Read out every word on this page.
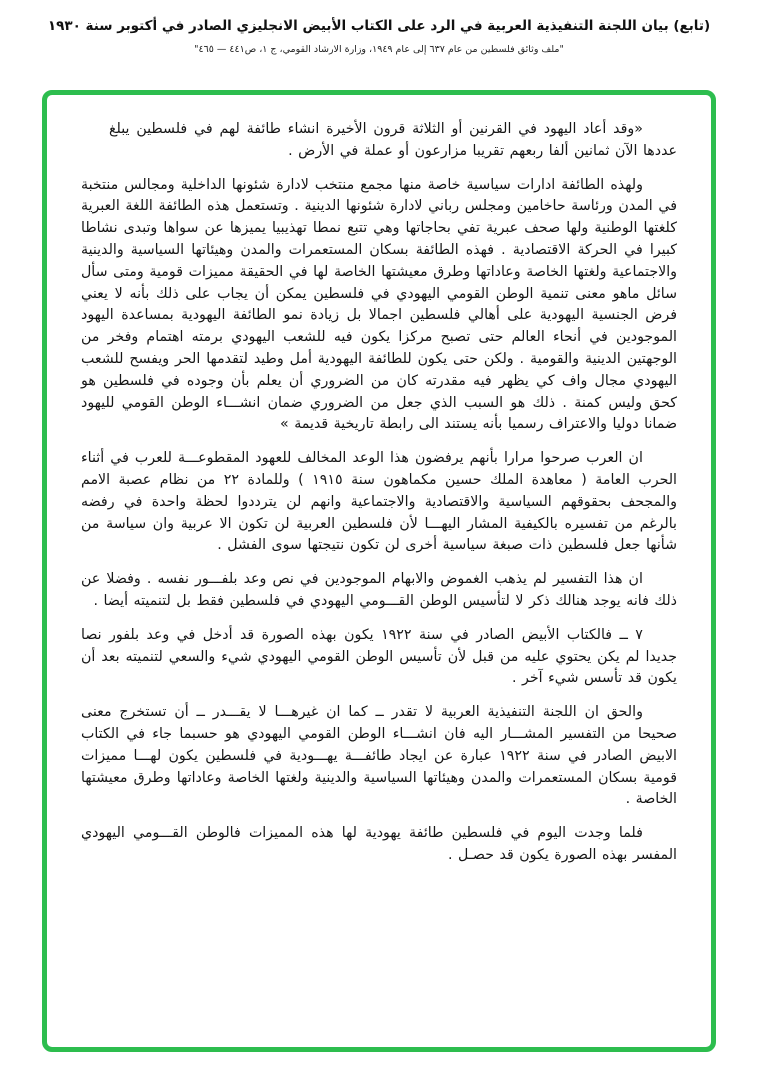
(تابع) بيان اللجنة التنفيذية العربية في الرد على الكتاب الأبيض الانجليزي الصادر في أكتوبر سنة ١٩٣٠
"ملف وثائق فلسطين من عام ٦٣٧ إلى عام ١٩٤٩، وزارة الارشاد القومي، ج ١، ص٤٤١ — ٤٦٥"

«وقد أعاد اليهود في القرنين أو الثلاثة قرون الأخيرة انشاء طائفة لهم في فلسطين يبلغ عددها الآن ثمانين ألفا ربعهم تقريبا مزارعون أو عملة في الأرض .

ولهذه الطائفة ادارات سياسية خاصة منها مجمع منتخب لادارة شئونها الداخلية ومجالس منتخبة في المدن ورئاسة حاخامين ومجلس رباني لادارة شئونها الدينية . وتستعمل هذه الطائفة اللغة العبرية كلغتها الوطنية ولها صحف عبرية تفي بحاجاتها وهي تتبع نمطا تهذيبيا يميزها عن سواها وتبدى نشاطا كبيرا في الحركة الاقتصادية . فهذه الطائفة بسكان المستعمرات والمدن وهيئاتها السياسية والدينية والاجتماعية ولغتها الخاصة وعاداتها وطرق معيشتها الخاصة لها في الحقيقة مميزات قومية ومتى سأل سائل ماهو معنى تنمية الوطن القومي اليهودي في فلسطين يمكن أن يجاب على ذلك بأنه لا يعني فرض الجنسية اليهودية على أهالي فلسطين اجمالا بل زيادة نمو الطائفة اليهودية بمساعدة اليهود الموجودين في أنحاء العالم حتى تصبح مركزا يكون فيه للشعب اليهودي برمته اهتمام وفخر من الوجهتين الدينية والقومية . ولكن حتى يكون للطائفة اليهودية أمل وطيد لتقدمها الحر ويفسح للشعب اليهودي مجال واف كي يظهر فيه مقدرته كان من الضروري أن يعلم بأن وجوده في فلسطين هو كحق وليس كمنة . ذلك هو السبب الذي جعل من الضروري ضمان انشـــاء الوطن القومي لليهود ضمانا دوليا والاعتراف رسميا بأنه يستند الى رابطة تاريخية قديمة »

ان العرب صرحوا مرارا بأنهم يرفضون هذا الوعد المخالف للعهود المقطوعـــة للعرب في أثناء الحرب العامة ( معاهدة الملك حسين مكماهون سنة ١٩١٥ ) وللمادة ٢٢ من نظام عصبة الامم والمجحف بحقوقهم السياسية والاقتصادية والاجتماعية وانهم لن يترددوا لحظة واحدة في رفضه بالرغم من تفسيره بالكيفية المشار اليهـــا لأن فلسطين العربية لن تكون الا عربية وان سياسة من شأنها جعل فلسطين ذات صبغة سياسية أخرى لن تكون نتيجتها سوى الفشل .

ان هذا التفسير لم يذهب الغموض والابهام الموجودين في نص وعد بلفـــور نفسه . وفضلا عن ذلك فانه يوجد هنالك ذكر لا لتأسيس الوطن القـــومي اليهودي في فلسطين فقط بل لتنميته أيضا .

٧ ــ فالكتاب الأبيض الصادر في سنة ١٩٢٢ يكون بهذه الصورة قد أدخل في وعد بلفور نصا جديدا لم يكن يحتوي عليه من قبل لأن تأسيس الوطن القومي اليهودي شيء والسعي لتنميته بعد أن يكون قد تأسس شيء آخر .

والحق ان اللجنة التنفيذية العربية لا تقدر ــ كما ان غيرهـــا لا يقـــدر ــ أن تستخرج معنى صحيحا من التفسير المشـــار اليه فان انشـــاء الوطن القومي اليهودي هو حسبما جاء في الكتاب الابيض الصادر في سنة ١٩٢٢ عبارة عن ايجاد طائفـــة يهـــودية في فلسطين يكون لهـــا مميزات قومية بسكان المستعمرات والمدن وهيئاتها السياسية والدينية ولغتها الخاصة وعاداتها وطرق معيشتها الخاصة .

فلما وجدت اليوم في فلسطين طائفة يهودية لها هذه المميزات فالوطن القـــومي اليهودي المفسر بهذه الصورة يكون قد حصـل .
